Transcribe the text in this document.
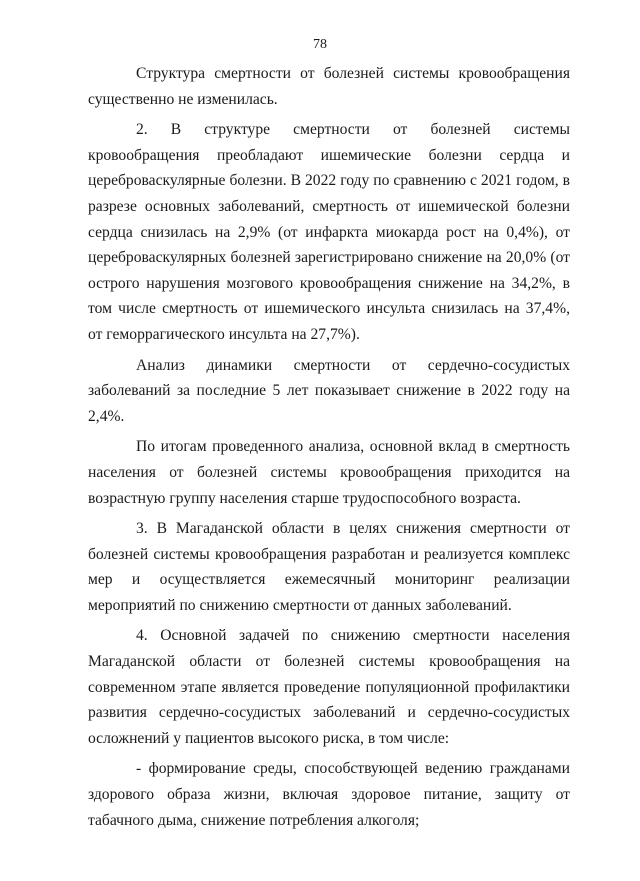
78

Структура смертности от болезней системы кровообращения существенно не изменилась.

2. В структуре смертности от болезней системы кровообращения преобладают ишемические болезни сердца и цереброваскулярные болезни. В 2022 году по сравнению с 2021 годом, в разрезе основных заболеваний, смертность от ишемической болезни сердца снизилась на 2,9% (от инфаркта миокарда рост на 0,4%), от цереброваскулярных болезней зарегистрировано снижение на 20,0% (от острого нарушения мозгового кровообращения снижение на 34,2%, в том числе смертность от ишемического инсульта снизилась на 37,4%, от геморрагического инсульта на 27,7%).

Анализ динамики смертности от сердечно-сосудистых заболеваний за последние 5 лет показывает снижение в 2022 году на 2,4%.

По итогам проведенного анализа, основной вклад в смертность населения от болезней системы кровообращения приходится на возрастную группу населения старше трудоспособного возраста.

3. В Магаданской области в целях снижения смертности от болезней системы кровообращения разработан и реализуется комплекс мер и осуществляется ежемесячный мониторинг реализации мероприятий по снижению смертности от данных заболеваний.

4. Основной задачей по снижению смертности населения Магаданской области от болезней системы кровообращения на современном этапе является проведение популяционной профилактики развития сердечно-сосудистых заболеваний и сердечно-сосудистых осложнений у пациентов высокого риска, в том числе:

- формирование среды, способствующей ведению гражданами здорового образа жизни, включая здоровое питание, защиту от табачного дыма, снижение потребления алкоголя;
